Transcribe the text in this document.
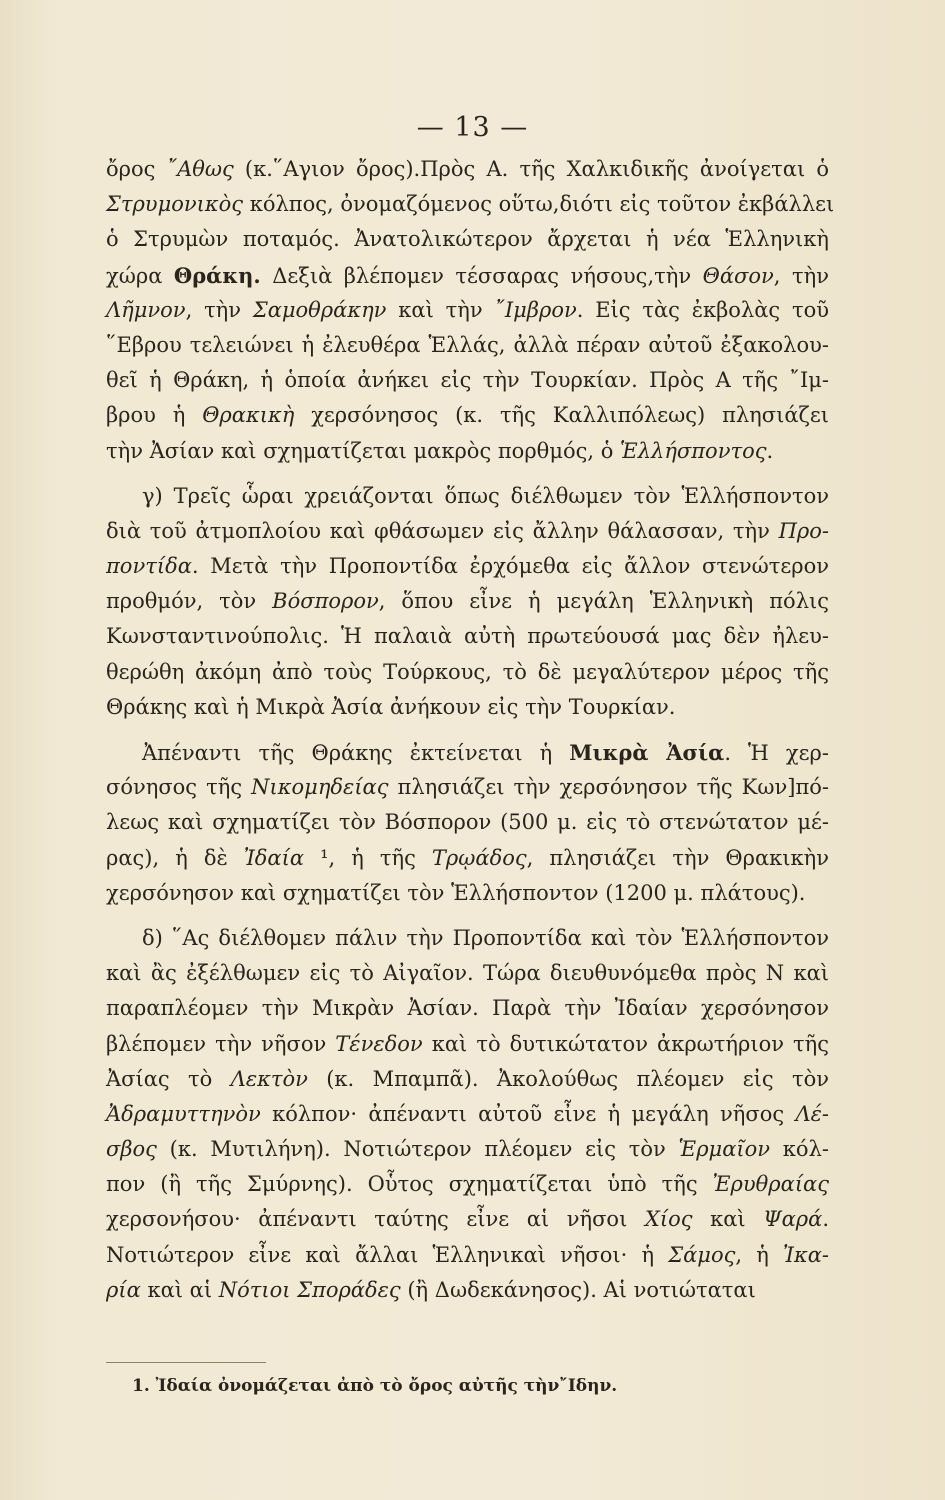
— 13 —
ὄρος ῎Αθως (κ.῞Αγιον ὄρος).Πρὸς Α. τῆς Χαλκιδικῆς ἀνοίγεται ὁ
Στρυμονικὸς κόλπος, ὀνομαζόμενος οὕτω,διότι εἰς τοῦτον ἐκβάλλει
ὁ Στρυμὼν ποταμός. Ἀνατολικώτερον ἄρχεται ἡ νέα Ἑλληνικὴ
χώρα Θράκη. Δεξιὰ βλέπομεν τέσσαρας νήσους,τὴν Θάσον, τὴν
Λῆμνον, τὴν Σαμοθράκην καὶ τὴν ῎Ιμβρον. Εἰς τὰς ἐκβολὰς τοῦ
῞Εβρου τελειώνει ἡ ἐλευθέρα Ἑλλάς, ἀλλὰ πέραν αὐτοῦ ἐξακολου-
θεῖ ἡ Θράκη, ἡ ὁποία ἀνήκει εἰς τὴν Τουρκίαν. Πρὸς Α τῆς ῎Ιμ-
βρου ἡ Θρακικὴ χερσόνησος (κ. τῆς Καλλιπόλεως) πλησιάζει
τὴν Ἀσίαν καὶ σχηματίζεται μακρὸς πορθμός, ὁ Ἑλλήσποντος.
γ) Τρεῖς ὧραι χρειάζονται ὅπως διέλθωμεν τὸν Ἑλλήσποντον
διὰ τοῦ ἀτμοπλοίου καὶ φθάσωμεν εἰς ἄλλην θάλασσαν, τὴν Προ-
ποντίδα. Μετὰ τὴν Προποντίδα ἐρχόμεθα εἰς ἄλλον στενώτερον
προθμόν, τὸν Βόσπορον, ὅπου εἶνε ἡ μεγάλη Ἑλληνικὴ πόλις
Κωνσταντινούπολις. Ἡ παλαιὰ αὐτὴ πρωτεύουσά μας δὲν ἠλευ-
θερώθη ἀκόμη ἀπὸ τοὺς Τούρκους, τὸ δὲ μεγαλύτερον μέρος τῆς
Θράκης καὶ ἡ Μικρὰ Ἀσία ἀνήκουν εἰς τὴν Τουρκίαν.
Ἀπέναντι τῆς Θράκης ἐκτείνεται ἡ Μικρὰ Ἀσία. Ἡ χερ-
σόνησος τῆς Νικομηδείας πλησιάζει τὴν χερσόνησον τῆς Κων]πό-
λεως καὶ σχηματίζει τὸν Βόσπορον (500 μ. εἰς τὸ στενώτατον μέ-
ρας), ἡ δὲ Ἰδαία ¹, ἡ τῆς Τρῳάδος, πλησιάζει τὴν Θρακικὴν
χερσόνησον καὶ σχηματίζει τὸν Ἑλλήσποντον (1200 μ. πλάτους).
δ) ῞Ας διέλθομεν πάλιν τὴν Προποντίδα καὶ τὸν Ἑλλήσποντον
καὶ ἂς ἐξέλθωμεν εἰς τὸ Αἰγαῖον. Τώρα διευθυνόμεθα πρὸς Ν καὶ
παραπλέομεν τὴν Μικρὰν Ἀσίαν. Παρὰ τὴν Ἰδαίαν χερσόνησον
βλέπομεν τὴν νῆσον Τένεδον καὶ τὸ δυτικώτατον ἀκρωτήριον τῆς
Ἀσίας τὸ Λεκτὸν (κ. Μπαμπᾶ). Ἀκολούθως πλέομεν εἰς τὸν
Ἀδραμυττηνὸν κόλπον· ἀπέναντι αὐτοῦ εἶνε ἡ μεγάλη νῆσος Λέ-
σβος (κ. Μυτιλήνη). Νοτιώτερον πλέομεν εἰς τὸν Ἑρμαῖον κόλ-
πον (ἢ τῆς Σμύρνης). Οὗτος σχηματίζεται ὑπὸ τῆς Ἐρυθραίας
χερσονήσου· ἀπέναντι ταύτης εἶνε αἱ νῆσοι Χίος καὶ Ψαρά.
Νοτιώτερον εἶνε καὶ ἄλλαι Ἑλληνικαὶ νῆσοι· ἡ Σάμος, ἡ Ἰκα-
ρία καὶ αἱ Νότιοι Σποράδες (ἢ Δωδεκάνησος). Αἱ νοτιώταται
1. Ἰδαία ὀνομάζεται ἀπὸ τὸ ὄρος αὐτῆς τὴν῎Ιδην.
